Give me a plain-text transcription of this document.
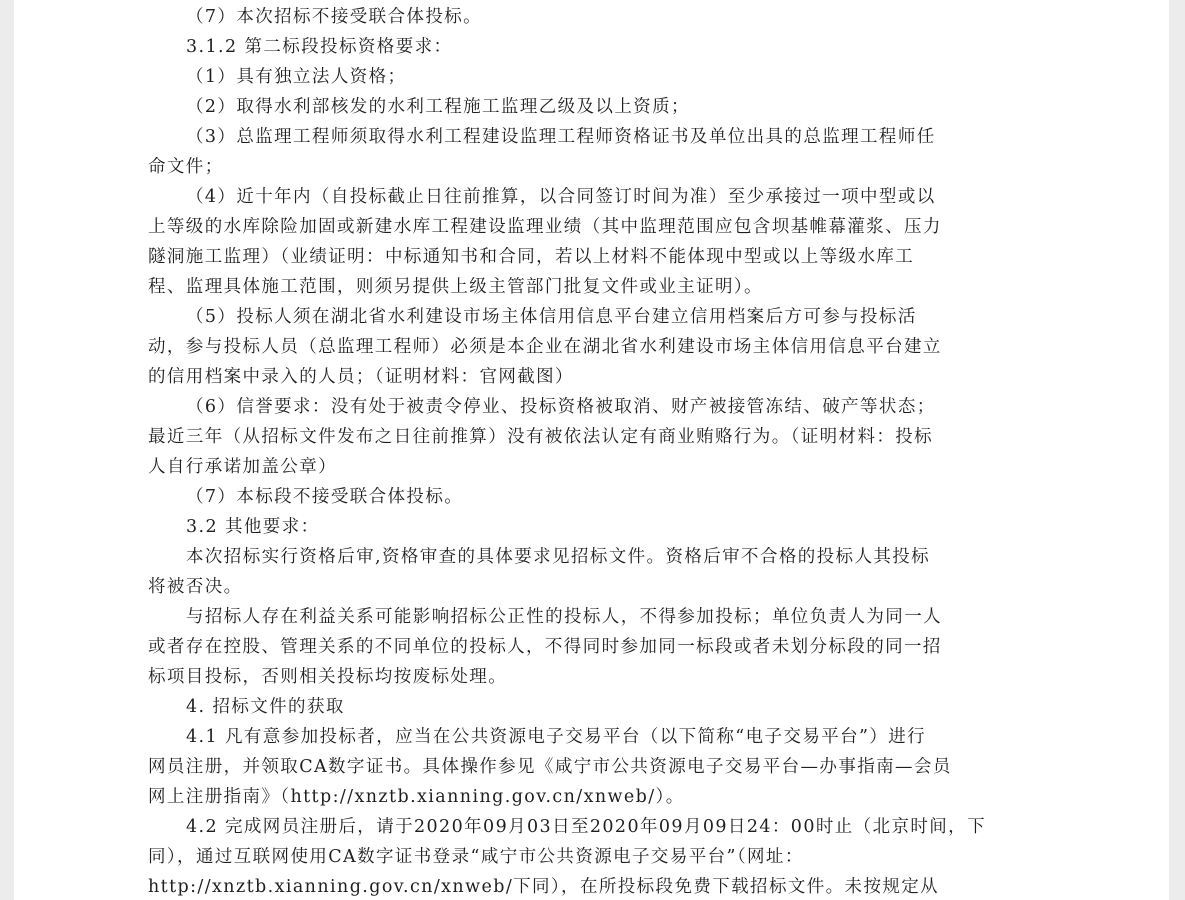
（7）本次招标不接受联合体投标。
3.1.2 第二标段投标资格要求：
（1）具有独立法人资格；
（2）取得水利部核发的水利工程施工监理乙级及以上资质；
（3）总监理工程师须取得水利工程建设监理工程师资格证书及单位出具的总监理工程师任
命文件；
（4）近十年内（自投标截止日往前推算，以合同签订时间为准）至少承接过一项中型或以
上等级的水库除险加固或新建水库工程建设监理业绩（其中监理范围应包含坝基帷幕灌浆、压力
隧洞施工监理）（业绩证明：中标通知书和合同，若以上材料不能体现中型或以上等级水库工
程、监理具体施工范围，则须另提供上级主管部门批复文件或业主证明）。
（5）投标人须在湖北省水利建设市场主体信用信息平台建立信用档案后方可参与投标活
动，参与投标人员（总监理工程师）必须是本企业在湖北省水利建设市场主体信用信息平台建立
的信用档案中录入的人员；（证明材料：官网截图）
（6）信誉要求：没有处于被责令停业、投标资格被取消、财产被接管冻结、破产等状态；
最近三年（从招标文件发布之日往前推算）没有被依法认定有商业贿赂行为。（证明材料：投标
人自行承诺加盖公章）
（7）本标段不接受联合体投标。
3.2 其他要求：
本次招标实行资格后审,资格审查的具体要求见招标文件。资格后审不合格的投标人其投标
将被否决。
与招标人存在利益关系可能影响招标公正性的投标人，不得参加投标；单位负责人为同一人
或者存在控股、管理关系的不同单位的投标人，不得同时参加同一标段或者未划分标段的同一招
标项目投标，否则相关投标均按废标处理。
4. 招标文件的获取
4.1 凡有意参加投标者，应当在公共资源电子交易平台（以下简称“电子交易平台”）进行
网员注册，并领取CA数字证书。具体操作参见《咸宁市公共资源电子交易平台—办事指南—会员
网上注册指南》（http://xnztb.xianning.gov.cn/xnweb/）。
4.2 完成网员注册后，请于2020年09月03日至2020年09月09日24：00时止（北京时间，下
同），通过互联网使用CA数字证书登录“咸宁市公共资源电子交易平台”（网址：
http://xnztb.xianning.gov.cn/xnweb/下同），在所投标段免费下载招标文件。未按规定从
